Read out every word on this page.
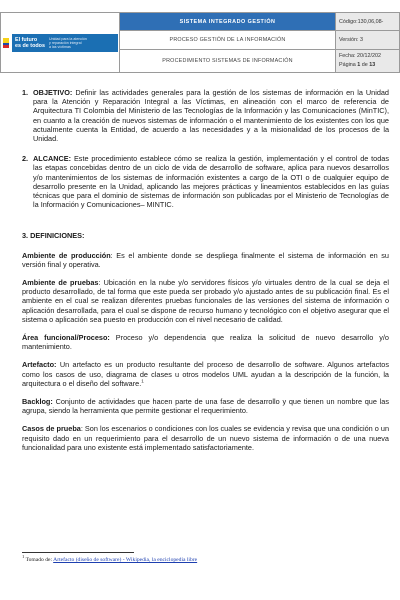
El futuro
es de todos
Unidad para la atención
y reparación integral
a las víctimas	SISTEMA INTEGRADO GESTIÓN	Código:130,06,08-
	PROCESO GESTIÓN DE LA INFORMACIÓN	Versión: 3
	PROCEDIMIENTO SISTEMAS DE INFORMACIÓN	Fecha: 20/12/202
Página 1 de 13
1. OBJETIVO: Definir las actividades generales para la gestión de los sistemas de información en la Unidad para la Atención y Reparación Integral a las Víctimas, en alineación con el marco de referencia de Arquitectura TI Colombia del Ministerio de las Tecnologías de la Información y las Comunicaciones (MinTIC), en cuanto a la creación de nuevos sistemas de información o el mantenimiento de los existentes con los que actualmente cuenta la Entidad, de acuerdo a las necesidades y a la misionalidad de los procesos de la Unidad.
2. ALCANCE: Este procedimiento establece cómo se realiza la gestión, implementación y el control de todas las etapas concebidas dentro de un ciclo de vida de desarrollo de software, aplica para nuevos desarrollos y/o mantenimientos de los sistemas de información existentes a cargo de la OTI o de cualquier equipo de desarrollo presente en la Unidad, aplicando las mejores prácticas y lineamientos establecidos en las guías técnicas que para el dominio de sistemas de información son publicadas por el Ministerio de Tecnologías de la Información y Comunicaciones– MINTIC.
3. DEFINICIONES:
Ambiente de producción: Es el ambiente donde se despliega finalmente el sistema de información en su versión final y operativa.
Ambiente de pruebas: Ubicación en la nube y/o servidores físicos y/o virtuales dentro de la cual se deja el producto desarrollado, de tal forma que este pueda ser probado y/o ajustado antes de su publicación final. Es el ambiente en el cual se realizan diferentes pruebas funcionales de las versiones del sistema de información o aplicación desarrollada, para el cual se dispone de recurso humano y tecnológico con el objetivo asegurar que el sistema o aplicación sea puesto en producción con el nivel necesario de calidad.
Área funcional/Proceso: Proceso y/o dependencia que realiza la solicitud de nuevo desarrollo y/o mantenimiento.
Artefacto: Un artefacto es un producto resultante del proceso de desarrollo de software. Algunos artefactos como los casos de uso, diagrama de clases u otros modelos UML ayudan a la descripción de la función, la arquitectura o el diseño del software.$^1$
Backlog: Conjunto de actividades que hacen parte de una fase de desarrollo y que tienen un nombre que las agrupa, siendo la herramienta que permite gestionar el requerimiento.
Casos de prueba: Son los escenarios o condiciones con los cuales se evidencia y revisa que una condición o un requisito dado en un requerimiento para el desarrollo de un nuevo sistema de información o de una nueva funcionalidad para uno existente está implementado satisfactoriamente.
$^1$ Tomado de: Artefacto (diseño de software) - Wikipedia, la enciclopedia libre
